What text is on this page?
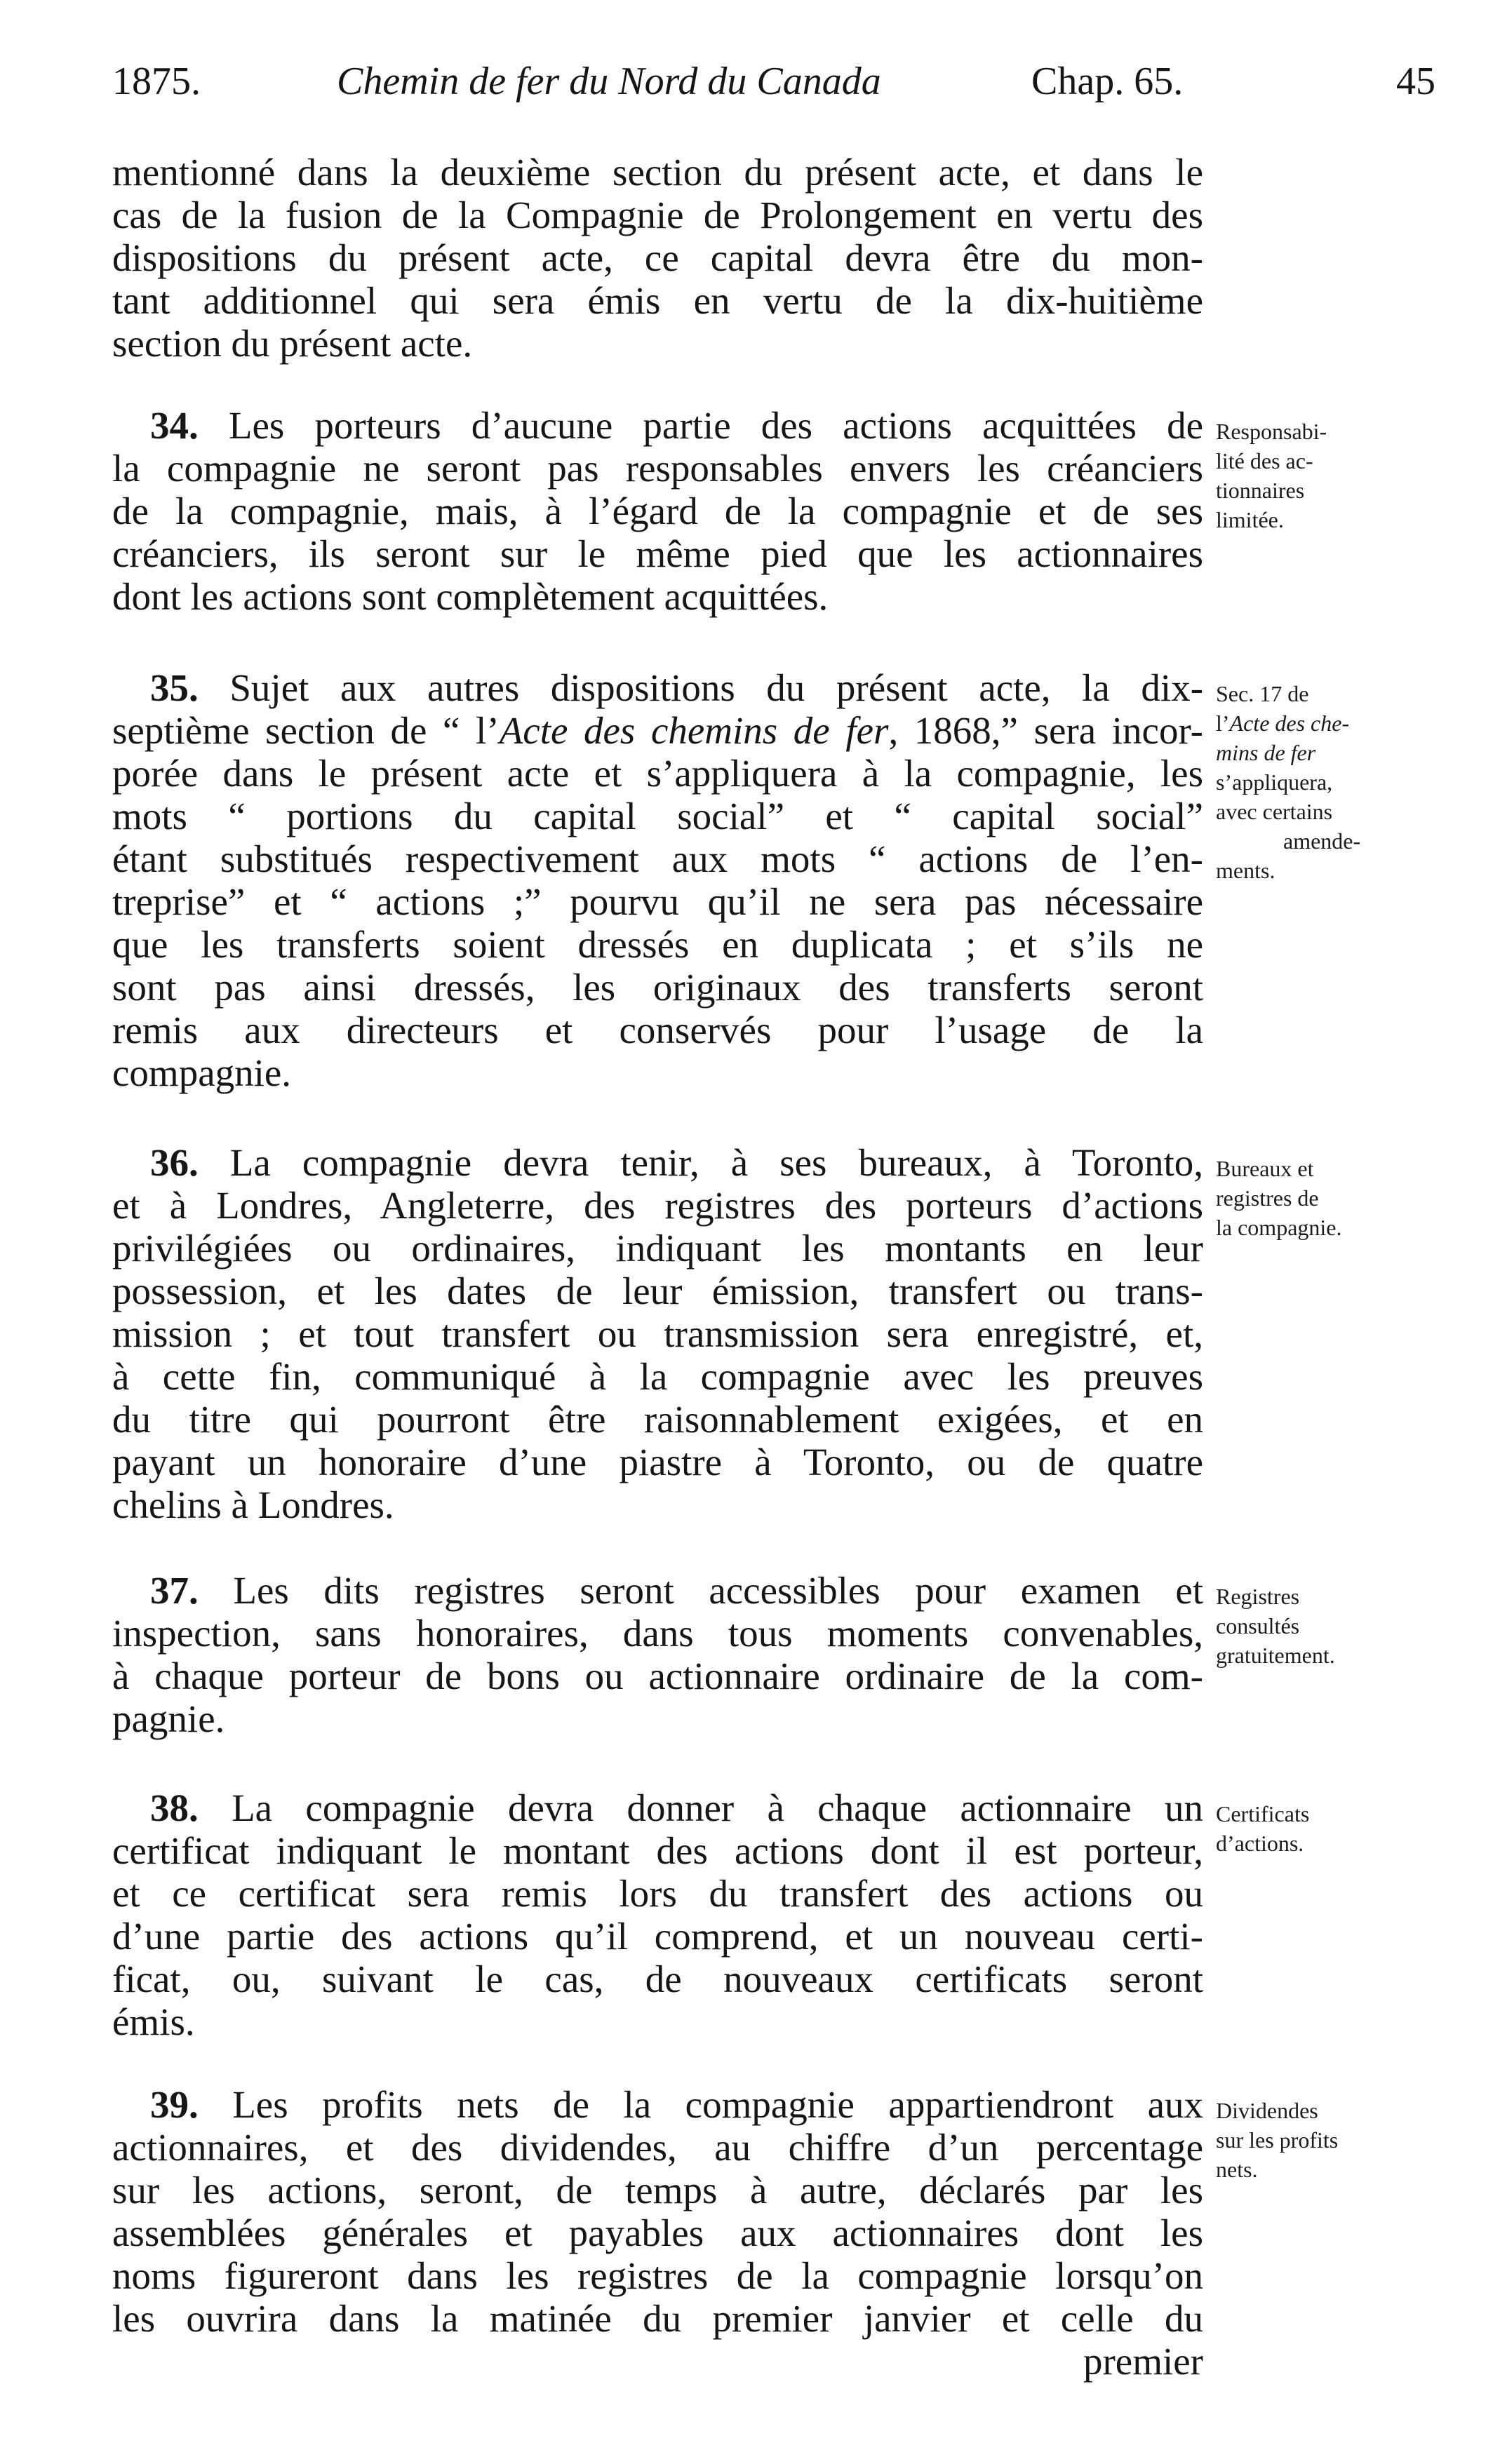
1875.	Chemin de fer du Nord du Canada	Chap. 65.	45
mentionné dans la deuxième section du présent acte, et dans le
cas de la fusion de la Compagnie de Prolongement en vertu des
dispositions du présent acte, ce capital devra être du mon-
tant additionnel qui sera émis en vertu de la dix-huitième
section du présent acte.
34. Les porteurs d’aucune partie des actions acquittées de
la compagnie ne seront pas responsables envers les créanciers
de la compagnie, mais, à l’égard de la compagnie et de ses
créanciers, ils seront sur le même pied que les actionnaires
dont les actions sont complètement acquittées.
Responsabi-
lité des ac-
tionnaires
limitée.
35. Sujet aux autres dispositions du présent acte, la dix-
septième section de “ l’Acte des chemins de fer, 1868,” sera incor-
porée dans le présent acte et s’appliquera à la compagnie, les
mots “ portions du capital social” et “ capital social”
étant substitués respectivement aux mots “ actions de l’en-
treprise” et “ actions ;” pourvu qu’il ne sera pas nécessaire
que les transferts soient dressés en duplicata ; et s’ils ne
sont pas ainsi dressés, les originaux des transferts seront
remis aux directeurs et conservés pour l’usage de la
compagnie.
Sec. 17 de
l’Acte des che-
mins de fer
s’appliquera,
avec certains
amende-
ments.
36. La compagnie devra tenir, à ses bureaux, à Toronto,
et à Londres, Angleterre, des registres des porteurs d’actions
privilégiées ou ordinaires, indiquant les montants en leur
possession, et les dates de leur émission, transfert ou trans-
mission ; et tout transfert ou transmission sera enregistré, et,
à cette fin, communiqué à la compagnie avec les preuves
du titre qui pourront être raisonnablement exigées, et en
payant un honoraire d’une piastre à Toronto, ou de quatre
chelins à Londres.
Bureaux et
registres de
la compagnie.
37. Les dits registres seront accessibles pour examen et
inspection, sans honoraires, dans tous moments convenables,
à chaque porteur de bons ou actionnaire ordinaire de la com-
pagnie.
Registres
consultés
gratuitement.
38. La compagnie devra donner à chaque actionnaire un
certificat indiquant le montant des actions dont il est porteur,
et ce certificat sera remis lors du transfert des actions ou
d’une partie des actions qu’il comprend, et un nouveau certi-
ficat, ou, suivant le cas, de nouveaux certificats seront
émis.
Certificats
d’actions.
39. Les profits nets de la compagnie appartiendront aux
actionnaires, et des dividendes, au chiffre d’un percentage
sur les actions, seront, de temps à autre, déclarés par les
assemblées générales et payables aux actionnaires dont les
noms figureront dans les registres de la compagnie lorsqu’on
les ouvrira dans la matinée du premier janvier et celle du
premier
Dividendes
sur les profits
nets.
